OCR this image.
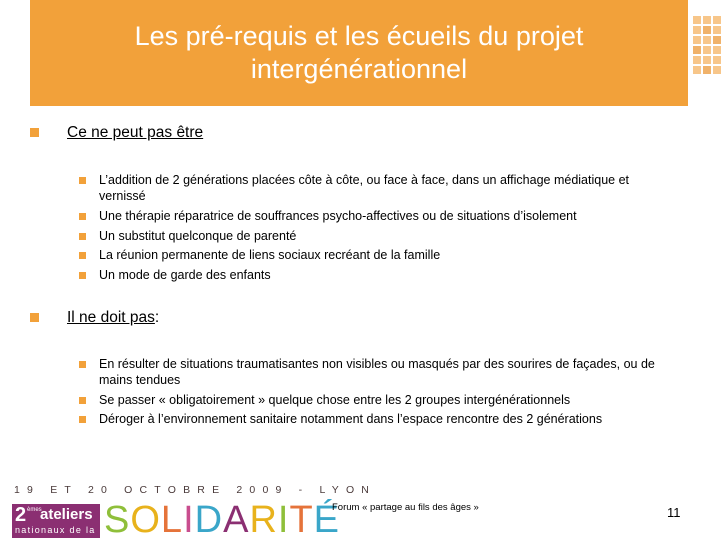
Les pré-requis et les écueils du projet intergénérationnel
Ce ne peut pas être
L’addition de 2 générations placées côte à côte, ou face à face, dans un affichage médiatique et vernissé
Une thérapie réparatrice de souffrances psycho-affectives ou de situations d’isolement
Un substitut quelconque de parenté
La réunion permanente de liens sociaux recréant de la famille
Un mode de garde des enfants
Il ne doit pas:
En résulter de situations traumatisantes non visibles ou masqués par des sourires de façades, ou de mains tendues
Se passer « obligatoirement » quelque chose entre les 2 groupes intergénérationnels
Déroger à l’environnement sanitaire notamment dans l’espace rencontre des 2 générations
19 ET 20 OCTOBRE 2009 - LYON
2 èmes
ateliers
nationaux de la SOLIDARITÉ
Forum « partage au fils des âges »	11
